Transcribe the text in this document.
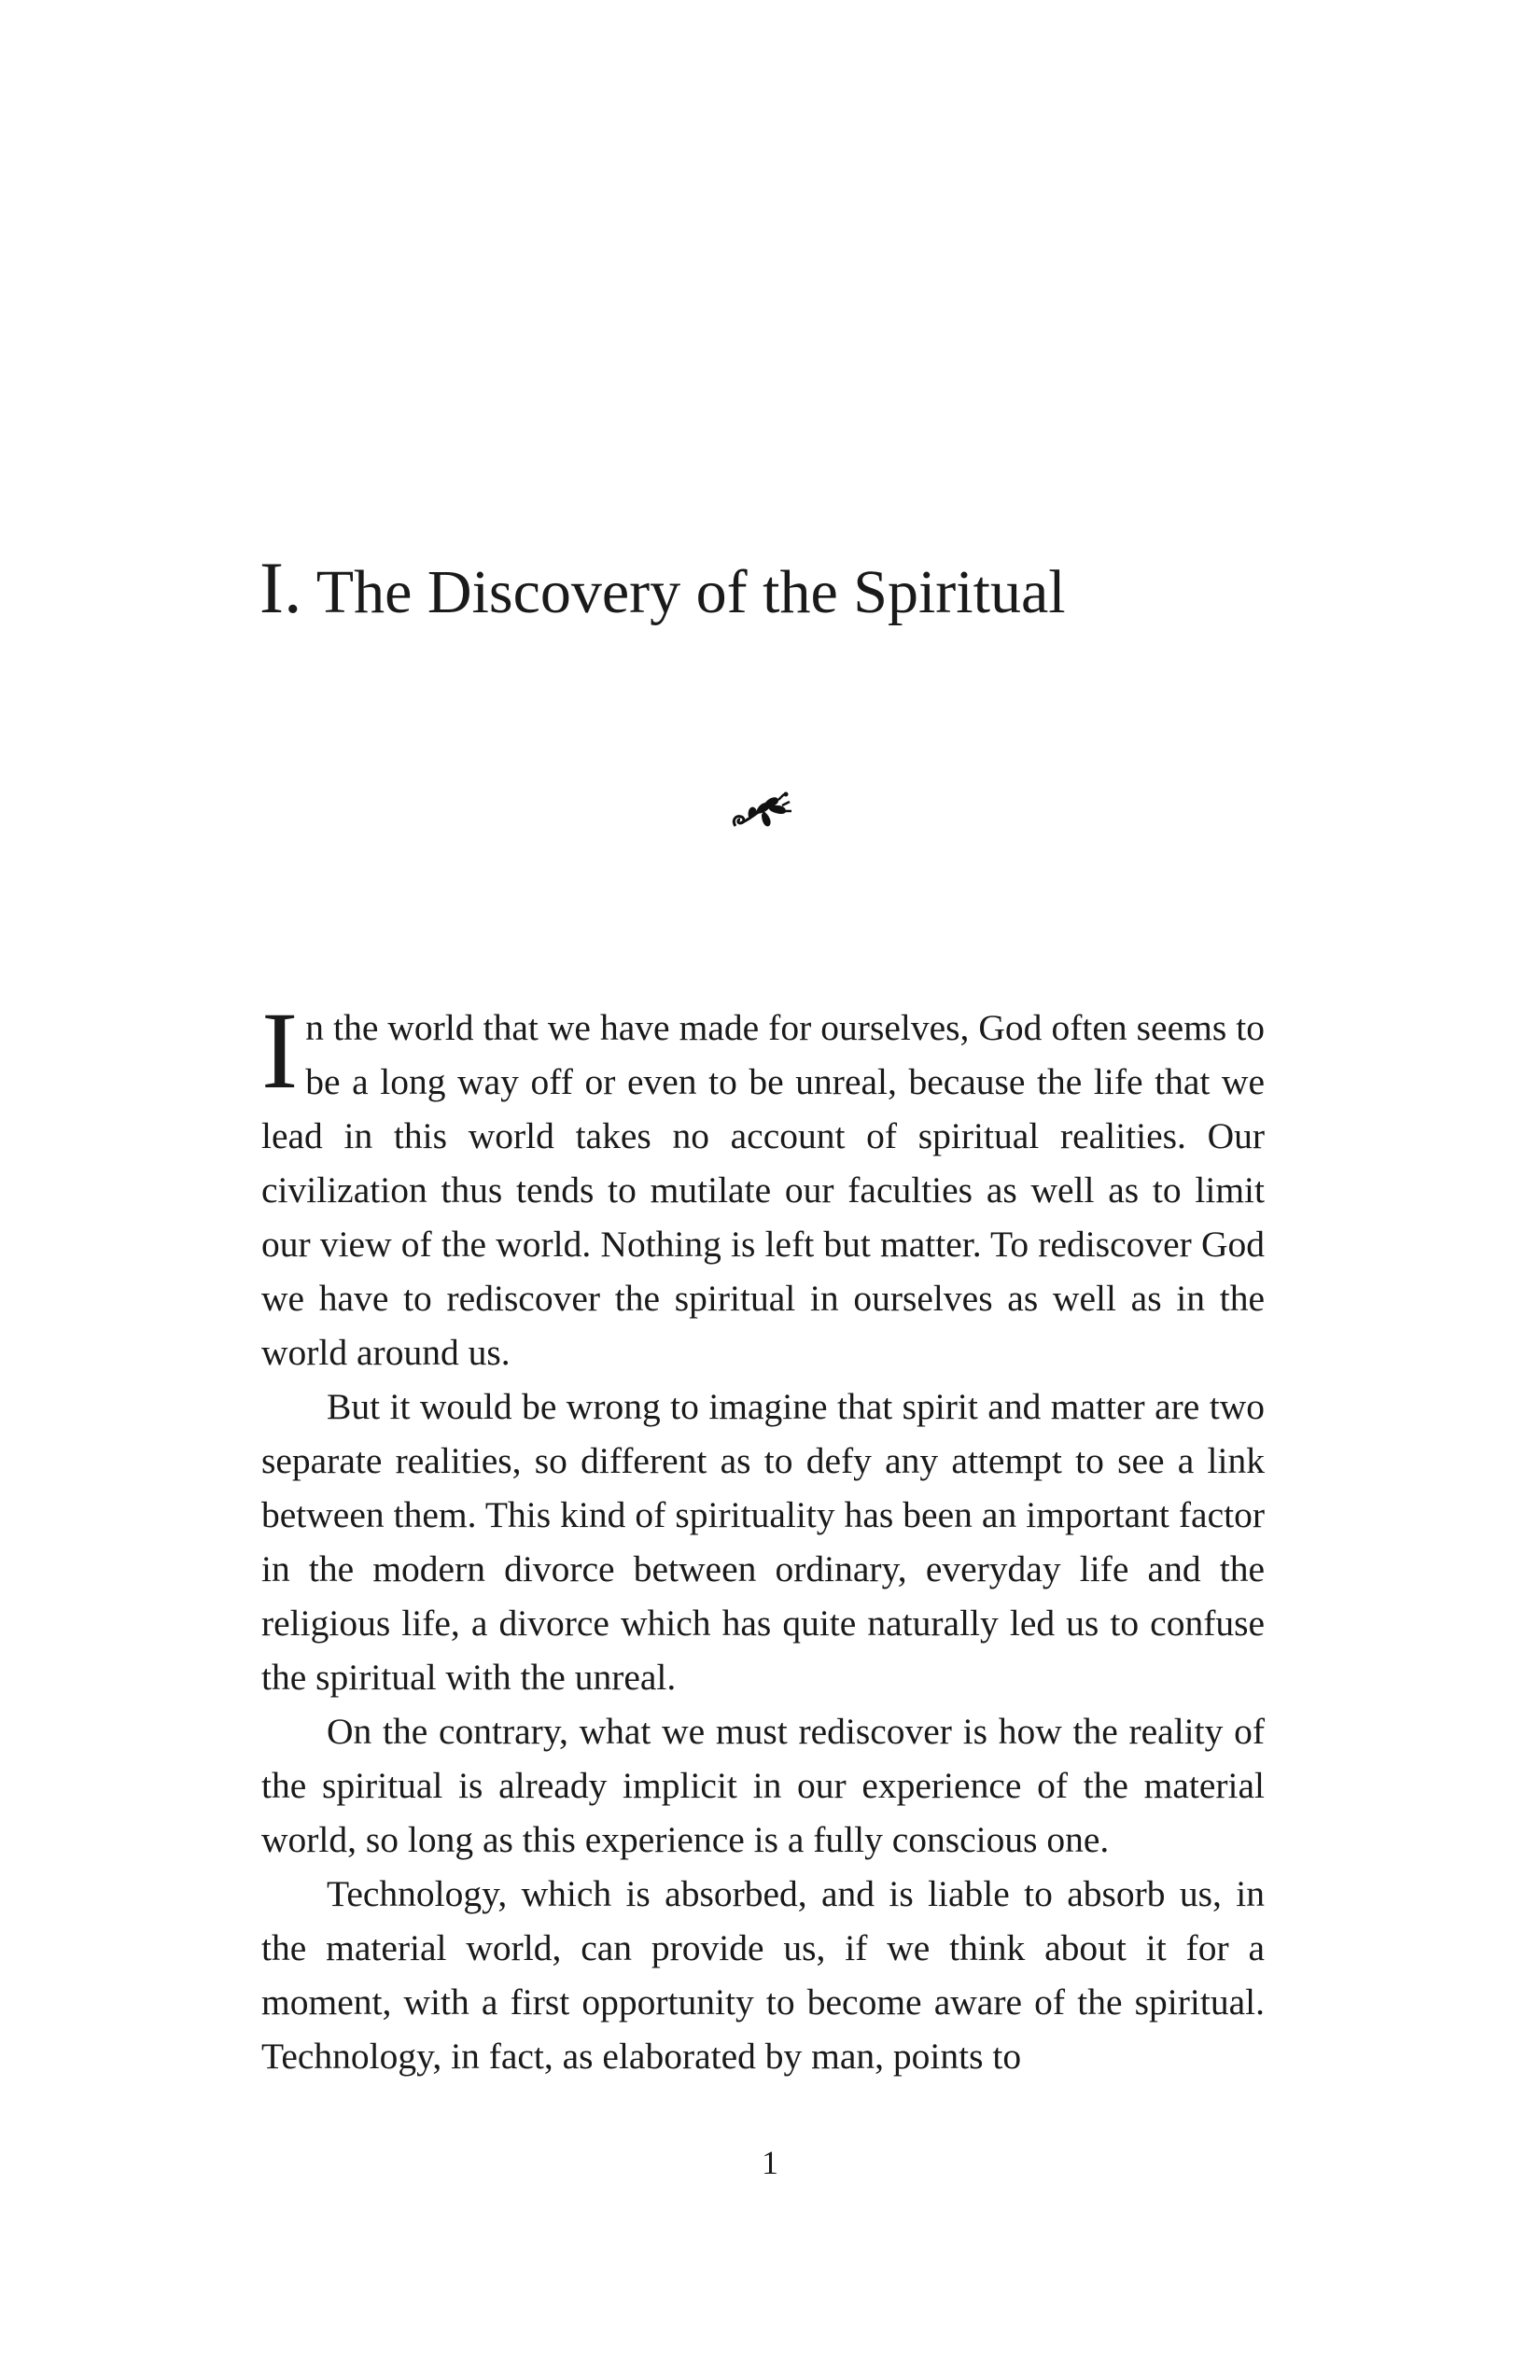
I. The Discovery of the Spiritual

In the world that we have made for ourselves, God often seems to be a long way off or even to be unreal, because the life that we lead in this world takes no account of spiritual realities. Our civilization thus tends to mutilate our faculties as well as to limit our view of the world. Nothing is left but matter. To rediscover God we have to rediscover the spiritual in ourselves as well as in the world around us.

But it would be wrong to imagine that spirit and matter are two separate realities, so different as to defy any attempt to see a link between them. This kind of spirituality has been an important factor in the modern divorce between ordinary, everyday life and the religious life, a divorce which has quite naturally led us to confuse the spiritual with the unreal.

On the contrary, what we must rediscover is how the reality of the spiritual is already implicit in our experience of the material world, so long as this experience is a fully conscious one.

Technology, which is absorbed, and is liable to absorb us, in the material world, can provide us, if we think about it for a moment, with a first opportunity to become aware of the spiritual. Technology, in fact, as elaborated by man, points to

1
